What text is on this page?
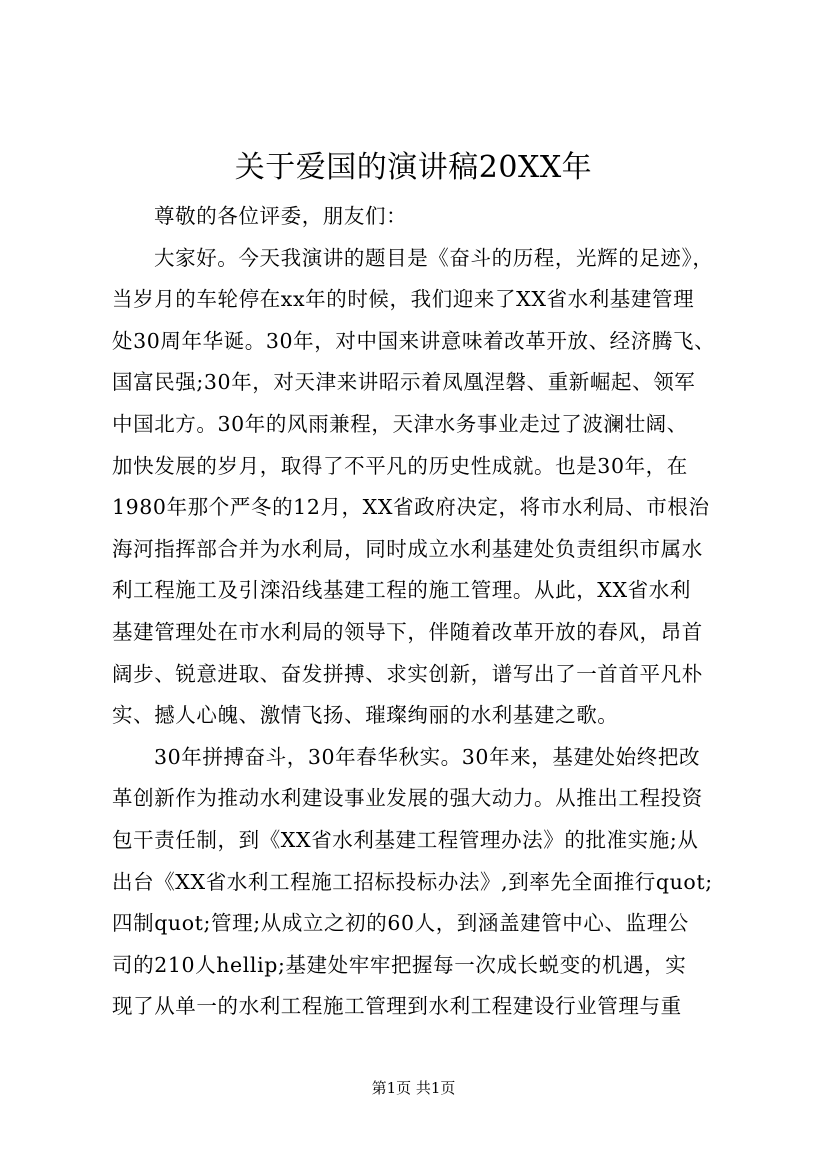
关于爱国的演讲稿20XX年
尊敬的各位评委，朋友们：
大家好。今天我演讲的题目是《奋斗的历程，光辉的足迹》，
当岁月的车轮停在xx年的时候，我们迎来了XX省水利基建管理
处30周年华诞。30年，对中国来讲意味着改革开放、经济腾飞、
国富民强;30年，对天津来讲昭示着凤凰涅磐、重新崛起、领军
中国北方。30年的风雨兼程，天津水务事业走过了波澜壮阔、
加快发展的岁月，取得了不平凡的历史性成就。也是30年，在
1980年那个严冬的12月，XX省政府决定，将市水利局、市根治
海河指挥部合并为水利局，同时成立水利基建处负责组织市属水
利工程施工及引滦沿线基建工程的施工管理。从此，XX省水利
基建管理处在市水利局的领导下，伴随着改革开放的春风，昂首
阔步、锐意进取、奋发拼搏、求实创新，谱写出了一首首平凡朴
实、撼人心魄、激情飞扬、璀璨绚丽的水利基建之歌。
30年拼搏奋斗，30年春华秋实。30年来，基建处始终把改
革创新作为推动水利建设事业发展的强大动力。从推出工程投资
包干责任制，到《XX省水利基建工程管理办法》的批准实施;从
出台《XX省水利工程施工招标投标办法》,到率先全面推行quot;
四制quot;管理;从成立之初的60人，到涵盖建管中心、监理公
司的210人hellip;基建处牢牢把握每一次成长蜕变的机遇，实
现了从单一的水利工程施工管理到水利工程建设行业管理与重
第1页 共1页
